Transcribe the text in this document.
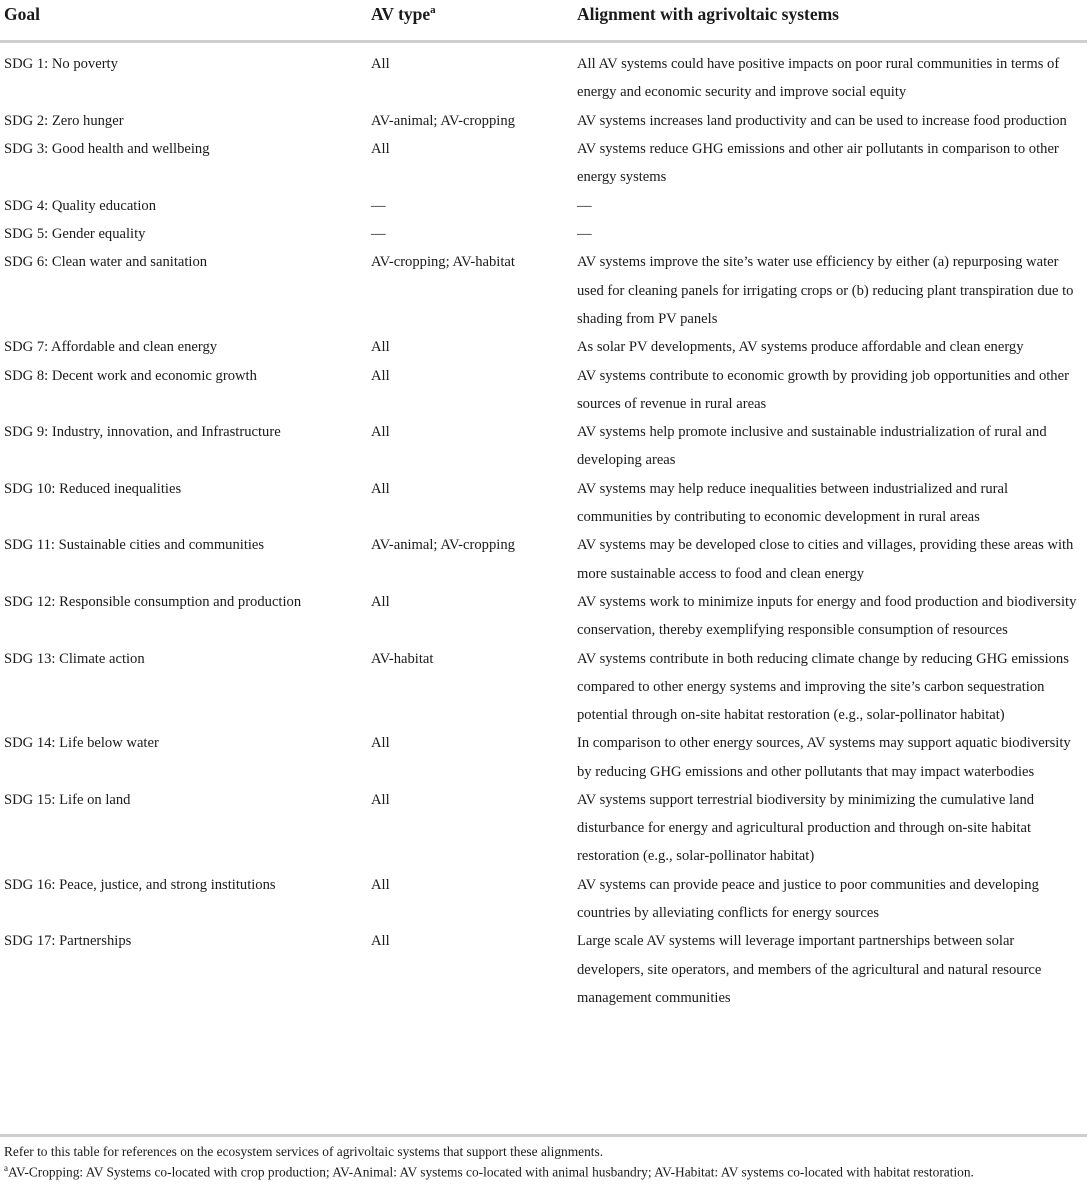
Goal	AV type$^a$	Alignment with agrivoltaic systems
SDG 1: No poverty	All	All AV systems could have positive impacts on poor rural communities in terms of energy and economic security and improve social equity
SDG 2: Zero hunger	AV-animal; AV-cropping	AV systems increases land productivity and can be used to increase food production
SDG 3: Good health and wellbeing	All	AV systems reduce GHG emissions and other air pollutants in comparison to other energy systems
SDG 4: Quality education	—	—
SDG 5: Gender equality	—	—
SDG 6: Clean water and sanitation	AV-cropping; AV-habitat	AV systems improve the site’s water use efficiency by either (a) repurposing water used for cleaning panels for irrigating crops or (b) reducing plant transpiration due to shading from PV panels
SDG 7: Affordable and clean energy	All	As solar PV developments, AV systems produce affordable and clean energy
SDG 8: Decent work and economic growth	All	AV systems contribute to economic growth by providing job opportunities and other sources of revenue in rural areas
SDG 9: Industry, innovation, and Infrastructure	All	AV systems help promote inclusive and sustainable industrialization of rural and developing areas
SDG 10: Reduced inequalities	All	AV systems may help reduce inequalities between industrialized and rural communities by contributing to economic development in rural areas
SDG 11: Sustainable cities and communities	AV-animal; AV-cropping	AV systems may be developed close to cities and villages, providing these areas with more sustainable access to food and clean energy
SDG 12: Responsible consumption and production	All	AV systems work to minimize inputs for energy and food production and biodiversity conservation, thereby exemplifying responsible consumption of resources
SDG 13: Climate action	AV-habitat	AV systems contribute in both reducing climate change by reducing GHG emissions compared to other energy systems and improving the site’s carbon sequestration potential through on-site habitat restoration (e.g., solar-pollinator habitat)
SDG 14: Life below water	All	In comparison to other energy sources, AV systems may support aquatic biodiversity by reducing GHG emissions and other pollutants that may impact waterbodies
SDG 15: Life on land	All	AV systems support terrestrial biodiversity by minimizing the cumulative land disturbance for energy and agricultural production and through on-site habitat restoration (e.g., solar-pollinator habitat)
SDG 16: Peace, justice, and strong institutions	All	AV systems can provide peace and justice to poor communities and developing countries by alleviating conflicts for energy sources
SDG 17: Partnerships	All	Large scale AV systems will leverage important partnerships between solar developers, site operators, and members of the agricultural and natural resource management communities
Refer to this table for references on the ecosystem services of agrivoltaic systems that support these alignments.
$^a$AV-Cropping: AV Systems co-located with crop production; AV-Animal: AV systems co-located with animal husbandry; AV-Habitat: AV systems co-located with habitat restoration.
